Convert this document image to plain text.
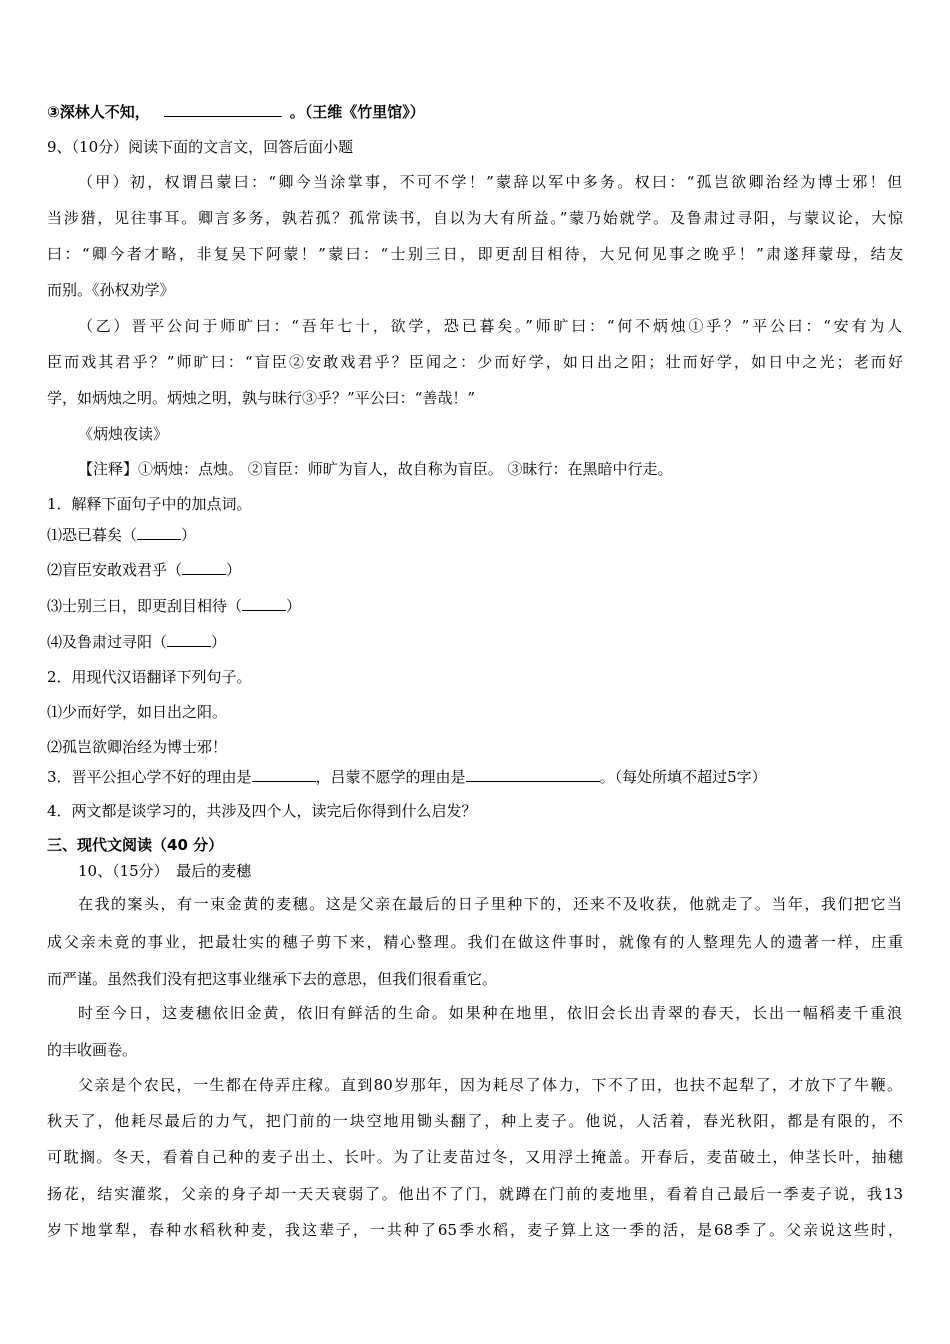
③深林人不知，	。（王维《竹里馆》）
9、（10分）阅读下面的文言文，回答后面小题
（甲）初，权谓吕蒙曰：“卿今当涂掌事，不可不学！”蒙辞以军中多务。权曰：“孤岂欲卿治经为博士邪！但
当涉猎，见往事耳。卿言多务，孰若孤？孤常读书，自以为大有所益。”蒙乃始就学。及鲁肃过寻阳，与蒙议论，大惊
曰：“卿今者才略，非复吴下阿蒙！”蒙曰：“士别三日，即更刮目相待，大兄何见事之晚乎！”肃遂拜蒙母，结友
而别。《孙权劝学》
（乙）晋平公问于师旷曰：“吾年七十，欲学，恐已暮矣。”师旷曰：“何不炳烛①乎？”平公曰：“安有为人
臣而戏其君乎？”师旷曰：“盲臣②安敢戏君乎？臣闻之：少而好学，如日出之阳；壮而好学，如日中之光；老而好
学，如炳烛之明。炳烛之明，孰与昧行③乎？”平公曰：“善哉！”
《炳烛夜读》
【注释】①炳烛：点烛。 ②盲臣：师旷为盲人，故自称为盲臣。 ③昧行：在黑暗中行走。
1．解释下面句子中的加点词。
⑴恐已暮矣（	）
⑵盲臣安敢戏君乎（	）
⑶士别三日，即更刮目相待（	）
⑷及鲁肃过寻阳（	）
2．用现代汉语翻译下列句子。
⑴少而好学，如日出之阳。
⑵孤岂欲卿治经为博士邪！
3．晋平公担心学不好的理由是	，吕蒙不愿学的理由是	。（每处所填不超过5字）
4．两文都是谈学习的，共涉及四个人，读完后你得到什么启发？
三、现代文阅读（40 分）
10、（15分）　最后的麦穗
在我的案头，有一束金黄的麦穗。这是父亲在最后的日子里种下的，还来不及收获，他就走了。当年，我们把它当
成父亲未竟的事业，把最壮实的穗子剪下来，精心整理。我们在做这件事时，就像有的人整理先人的遗著一样，庄重
而严谨。虽然我们没有把这事业继承下去的意思，但我们很看重它。
时至今日，这麦穗依旧金黄，依旧有鲜活的生命。如果种在地里，依旧会长出青翠的春天，长出一幅稻麦千重浪
的丰收画卷。
父亲是个农民，一生都在侍弄庄稼。直到80岁那年，因为耗尽了体力，下不了田，也扶不起犁了，才放下了牛鞭。
秋天了，他耗尽最后的力气，把门前的一块空地用锄头翻了，种上麦子。他说，人活着，春光秋阳，都是有限的，不
可耽搁。冬天，看着自己种的麦子出土、长叶。为了让麦苗过冬，又用浮土掩盖。开春后，麦苗破土，伸茎长叶，抽穗
扬花，结实灌浆，父亲的身子却一天天衰弱了。他出不了门，就蹲在门前的麦地里，看着自己最后一季麦子说，我13
岁下地掌犁，春种水稻秋种麦，我这辈子，一共种了65季水稻，麦子算上这一季的活，是68季了。父亲说这些时，
